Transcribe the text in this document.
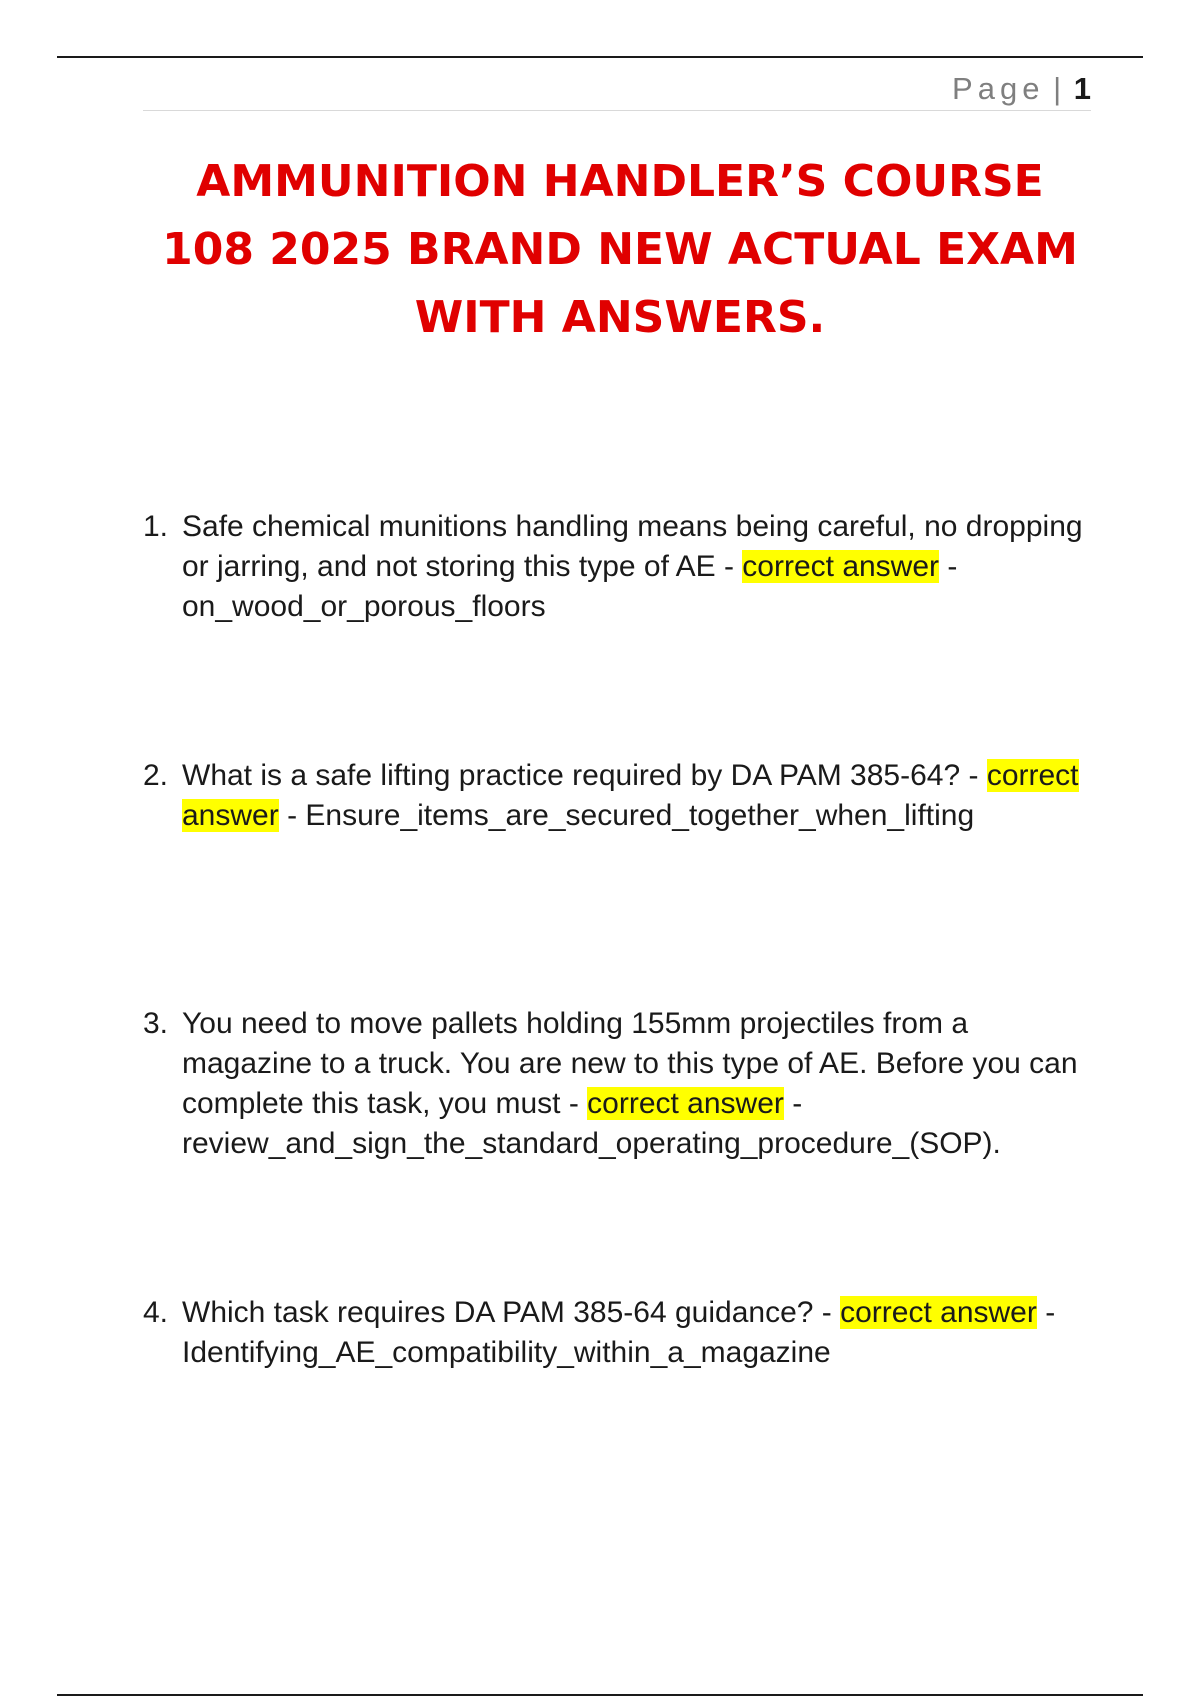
Page | 1
AMMUNITION HANDLER’S COURSE
108 2025 BRAND NEW ACTUAL EXAM
WITH ANSWERS.
1. Safe chemical munitions handling means being careful, no dropping or jarring, and not storing this type of AE - correct answer -on_wood_or_porous_floors
2. What is a safe lifting practice required by DA PAM 385-64? - correct answer - Ensure_items_are_secured_together_when_lifting
3. You need to move pallets holding 155mm projectiles from a magazine to a truck. You are new to this type of AE. Before you can complete this task, you must - correct answer - review_and_sign_the_standard_operating_procedure_(SOP).
4. Which task requires DA PAM 385-64 guidance? - correct answer -Identifying_AE_compatibility_within_a_magazine
